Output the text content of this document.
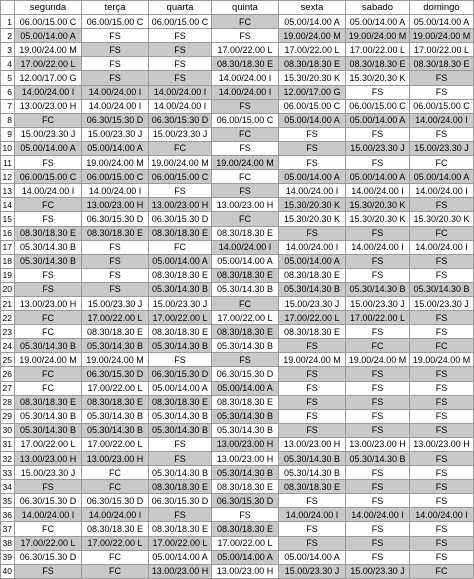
	segunda	terça	quarta	quinta	sexta	sabado	domingo
1	06.00/15.00 C	06.00/15.00 C	06.00/15.00 C	FC	05.00/14.00 A	05.00/14.00 A	05.00/14.00 A
2	05.00/14.00 A	FS	FS	FS	19.00/24.00 M	19.00/24.00 M	19.00/24.00 M
3	19.00/24.00 M	FS	FS	17.00/22.00 L	17.00/22.00 L	17.00/22.00 L	17.00/22.00 L
4	17.00/22.00 L	FS	FS	08.30/18.30 E	08.30/18.30 E	08.30/18.30 E	08.30/18.30 E
5	12.00/17.00 G	FS	FS	14.00/24.00 I	15.30/20.30 K	15.30/20.30 K	FS
6	14.00/24.00 I	14.00/24.00 I	14.00/24.00 I	14.00/24.00 I	12.00/17.00 G	FS	FS
7	13.00/23.00 H	14.00/24.00 I	14.00/24.00 I	FS	06.00/15.00 C	06.00/15.00 C	06.00/15.00 C
8	FC	06.30/15.30 D	06.30/15.30 D	06.00/15.00 C	05.00/14.00 A	05.00/14.00 A	14.00/24.00 I
9	15.00/23.30 J	15.00/23.30 J	15.00/23.30 J	FC	FS	FS	FS
10	05.00/14.00 A	05.00/14.00 A	FC	FS	FS	15.00/23.30 J	15.00/23.30 J
11	FS	19.00/24.00 M	19.00/24.00 M	19.00/24.00 M	FS	FS	FC
12	06.00/15.00 C	06.00/15.00 C	06.00/15.00 C	FC	05.00/14.00 A	05.00/14.00 A	05.00/14.00 A
13	14.00/24.00 I	14.00/24.00 I	FS	FS	14.00/24.00 I	14.00/24.00 I	14.00/24.00 I
14	FC	13.00/23.00 H	13.00/23.00 H	13.00/23.00 H	15.30/20.30 K	15.30/20.30 K	FS
15	FS	06.30/15.30 D	06.30/15.30 D	FC	15.30/20.30 K	15.30/20.30 K	15.30/20.30 K
16	08.30/18.30 E	08.30/18.30 E	08.30/18.30 E	08.30/18.30 E	FS	FS	FC
17	05.30/14.30 B	FS	FC	14.00/24.00 I	14.00/24.00 I	14.00/24.00 I	14.00/24.00 I
18	05.30/14.30 B	FS	05.00/14.00 A	05.00/14.00 A	05.00/14.00 A	FS	FS
19	FS	FS	08.30/18.30 E	08.30/18.30 E	08.30/18.30 E	FS	FS
20	FS	FS	05.30/14.30 B	05.30/14.30 B	05.30/14.30 B	05.30/14.30 B	05.30/14.30 B
21	13.00/23.00 H	15.00/23.30 J	15.00/23.30 J	FC	15.00/23.30 J	15.00/23.30 J	15.00/23.30 J
22	FC	17.00/22.00 L	17.00/22.00 L	17.00/22.00 L	17.00/22.00 L	17.00/22.00 L	FS
23	FC	08.30/18.30 E	08.30/18.30 E	08.30/18.30 E	08.30/18.30 E	FS	FS
24	05.30/14.30 B	05.30/14.30 B	05.30/14.30 B	05.30/14.30 B	FS	FC	FC
25	19.00/24.00 M	19.00/24.00 M	FS	FS	19.00/24.00 M	19.00/24.00 M	19.00/24.00 M
26	FC	06.30/15.30 D	06.30/15.30 D	06.30/15.30 D	FS	FS	FS
27	FC	17.00/22.00 L	05.00/14.00 A	05.00/14.00 A	FS	FS	FS
28	08.30/18.30 E	08.30/18.30 E	08.30/18.30 E	08.30/18.30 E	FS	FS	FS
29	05.30/14.30 B	05.30/14.30 B	05.30/14.30 B	05.30/14.30 B	FS	FS	FS
30	05.30/14.30 B	05.30/14.30 B	05.30/14.30 B	05.30/14.30 B	FS	FS	FS
31	17.00/22.00 L	17.00/22.00 L	FS	13.00/23.00 H	13.00/23.00 H	13.00/23.00 H	13.00/23.00 H
32	13.00/23.00 H	13.00/23.00 H	FS	13.00/23.00 H	05.30/14.30 B	05.30/14.30 B	FS
33	15.00/23.30 J	FC	05.30/14.30 B	05.30/14.30 B	05.30/14.30 B	FS	FS
34	FS	FC	08.30/18.30 E	08.30/18.30 E	08.30/18.30 E	FS	FS
35	06.30/15.30 D	06.30/15.30 D	06.30/15.30 D	06.30/15.30 D	FS	FS	FS
36	14.00/24.00 I	14.00/24.00 I	FS	FS	14.00/24.00 I	14.00/24.00 I	14.00/24.00 I
37	FC	08.30/18.30 E	08.30/18.30 E	08.30/18.30 E	FS	FS	FS
38	17.00/22.00 L	17.00/22.00 L	17.00/22.00 L	17.00/22.00 L	FS	FS	FS
39	06.30/15.30 D	FC	05.00/14.00 A	05.00/14.00 A	05.00/14.00 A	FS	FS
40	FS	FC	13.00/23.00 H	13.00/23.00 H	15.00/23.30 J	15.00/23.30 J	FC
